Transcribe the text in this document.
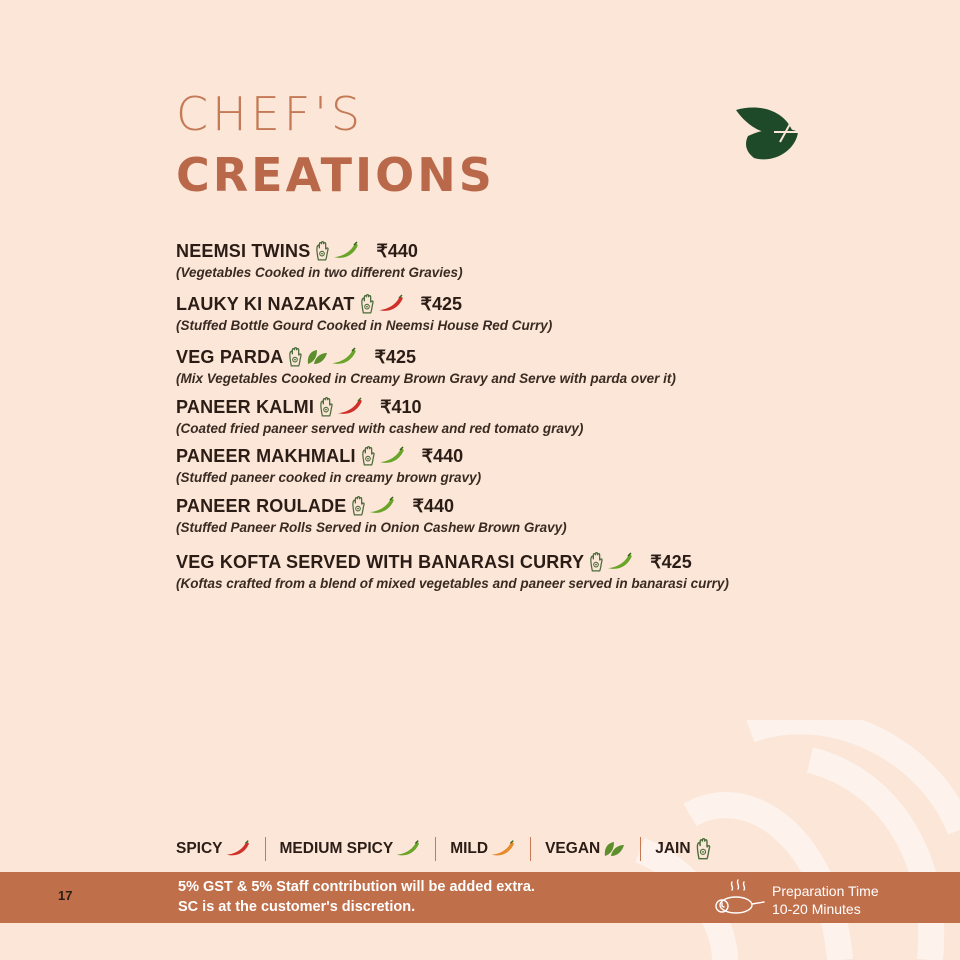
CHEF'S
CREATIONS
NEEMSI TWINS	₹440
(Vegetables Cooked in two different Gravies)
LAUKY KI NAZAKAT	₹425
(Stuffed Bottle Gourd Cooked in Neemsi House Red Curry)
VEG PARDA	₹425
(Mix Vegetables Cooked in Creamy Brown Gravy and Serve with parda over it)
PANEER KALMI	₹410
(Coated fried paneer served with cashew and red tomato gravy)
PANEER MAKHMALI	₹440
(Stuffed paneer cooked in creamy brown gravy)
PANEER ROULADE	₹440
(Stuffed Paneer Rolls Served in Onion Cashew Brown Gravy)
VEG KOFTA SERVED WITH BANARASI CURRY	₹425
(Koftas crafted from a blend of mixed vegetables and paneer served in banarasi curry)
SPICY	MEDIUM SPICY	MILD	VEGAN	JAIN
17
5% GST & 5% Staff contribution will be added extra.
SC is at the customer's discretion.
Preparation Time
10-20 Minutes
